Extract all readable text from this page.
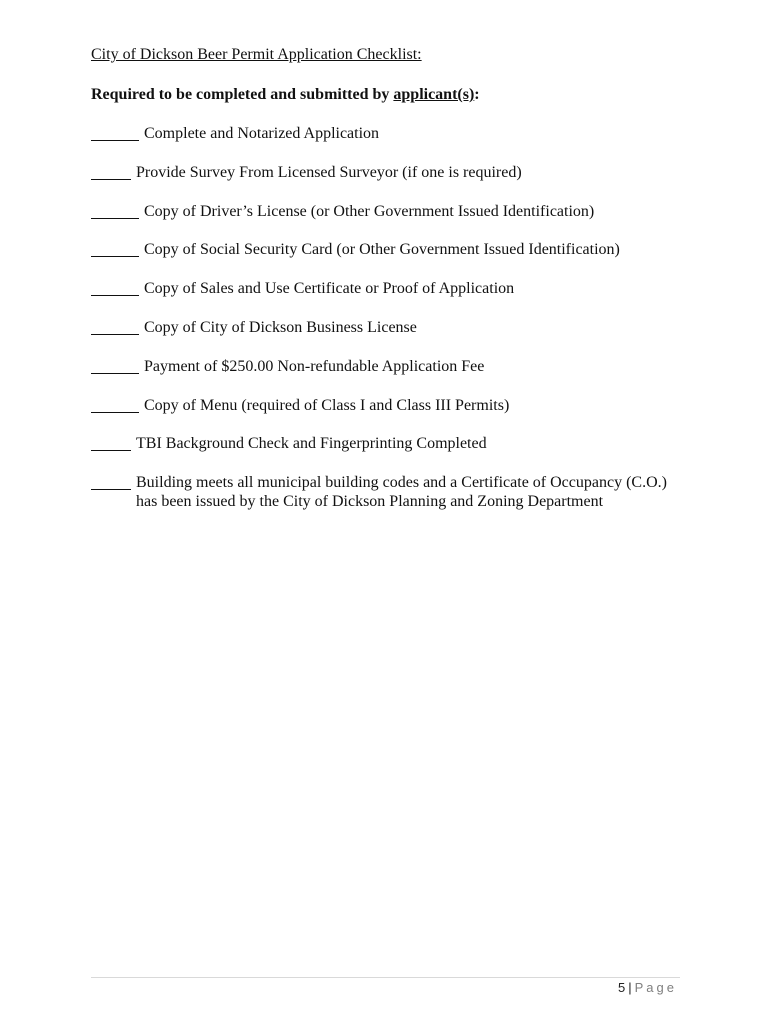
City of Dickson Beer Permit Application Checklist:
Required to be completed and submitted by applicant(s):
Complete and Notarized Application
Provide Survey From Licensed Surveyor (if one is required)
Copy of Driver’s License (or Other Government Issued Identification)
Copy of Social Security Card (or Other Government Issued Identification)
Copy of Sales and Use Certificate or Proof of Application
Copy of City of Dickson Business License
Payment of $250.00 Non-refundable Application Fee
Copy of Menu (required of Class I and Class III Permits)
TBI Background Check and Fingerprinting Completed
Building meets all municipal building codes and a Certificate of Occupancy (C.O.) has been issued by the City of Dickson Planning and Zoning Department
5 | Page
